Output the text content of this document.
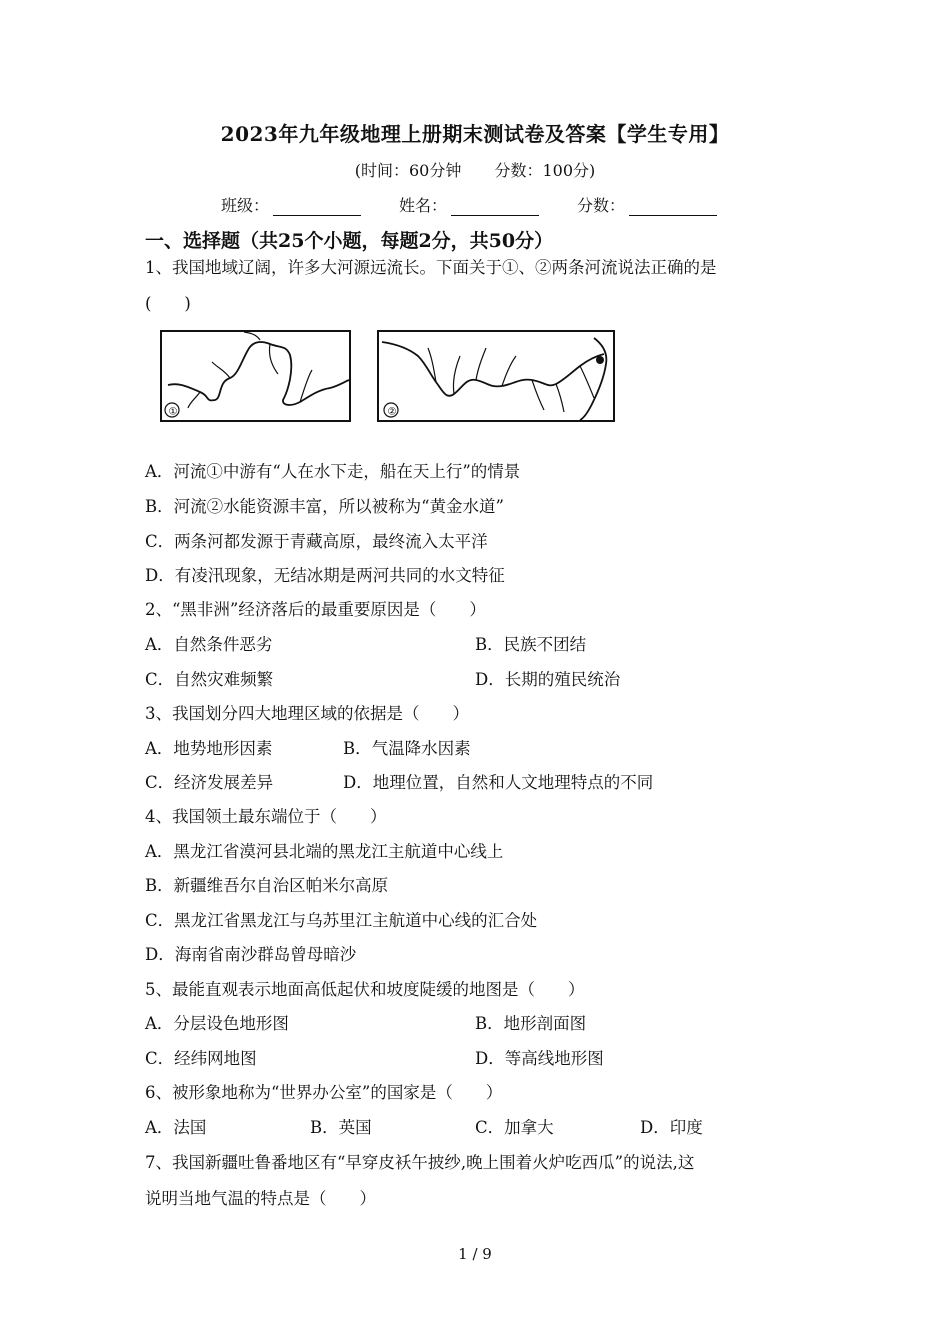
2023年九年级地理上册期末测试卷及答案【学生专用】
(时间：60分钟 分数：100分)
班级：	姓名：	分数：
一、选择题（共25个小题，每题2分，共50分）
1、我国地域辽阔，许多大河源远流长。下面关于①、②两条河流说法正确的是
(　　)
①	②
A．河流①中游有“人在水下走，船在天上行”的情景
B．河流②水能资源丰富，所以被称为“黄金水道”
C．两条河都发源于青藏高原，最终流入太平洋
D．有凌汛现象，无结冰期是两河共同的水文特征
2、“黑非洲”经济落后的最重要原因是（　　）
A．自然条件恶劣	B．民族不团结
C．自然灾难频繁	D．长期的殖民统治
3、我国划分四大地理区域的依据是（　　）
A．地势地形因素	B．气温降水因素
C．经济发展差异	D．地理位置，自然和人文地理特点的不同
4、我国领土最东端位于（　　）
A．黑龙江省漠河县北端的黑龙江主航道中心线上
B．新疆维吾尔自治区帕米尔高原
C．黑龙江省黑龙江与乌苏里江主航道中心线的汇合处
D．海南省南沙群岛曾母暗沙
5、最能直观表示地面高低起伏和坡度陡缓的地图是（　　）
A．分层设色地形图	B．地形剖面图
C．经纬网地图	D．等高线地形图
6、被形象地称为“世界办公室”的国家是（　　）
A．法国	B．英国	C．加拿大	D．印度
7、我国新疆吐鲁番地区有“早穿皮袄午披纱,晚上围着火炉吃西瓜”的说法,这
说明当地气温的特点是（　　）
1 / 9
